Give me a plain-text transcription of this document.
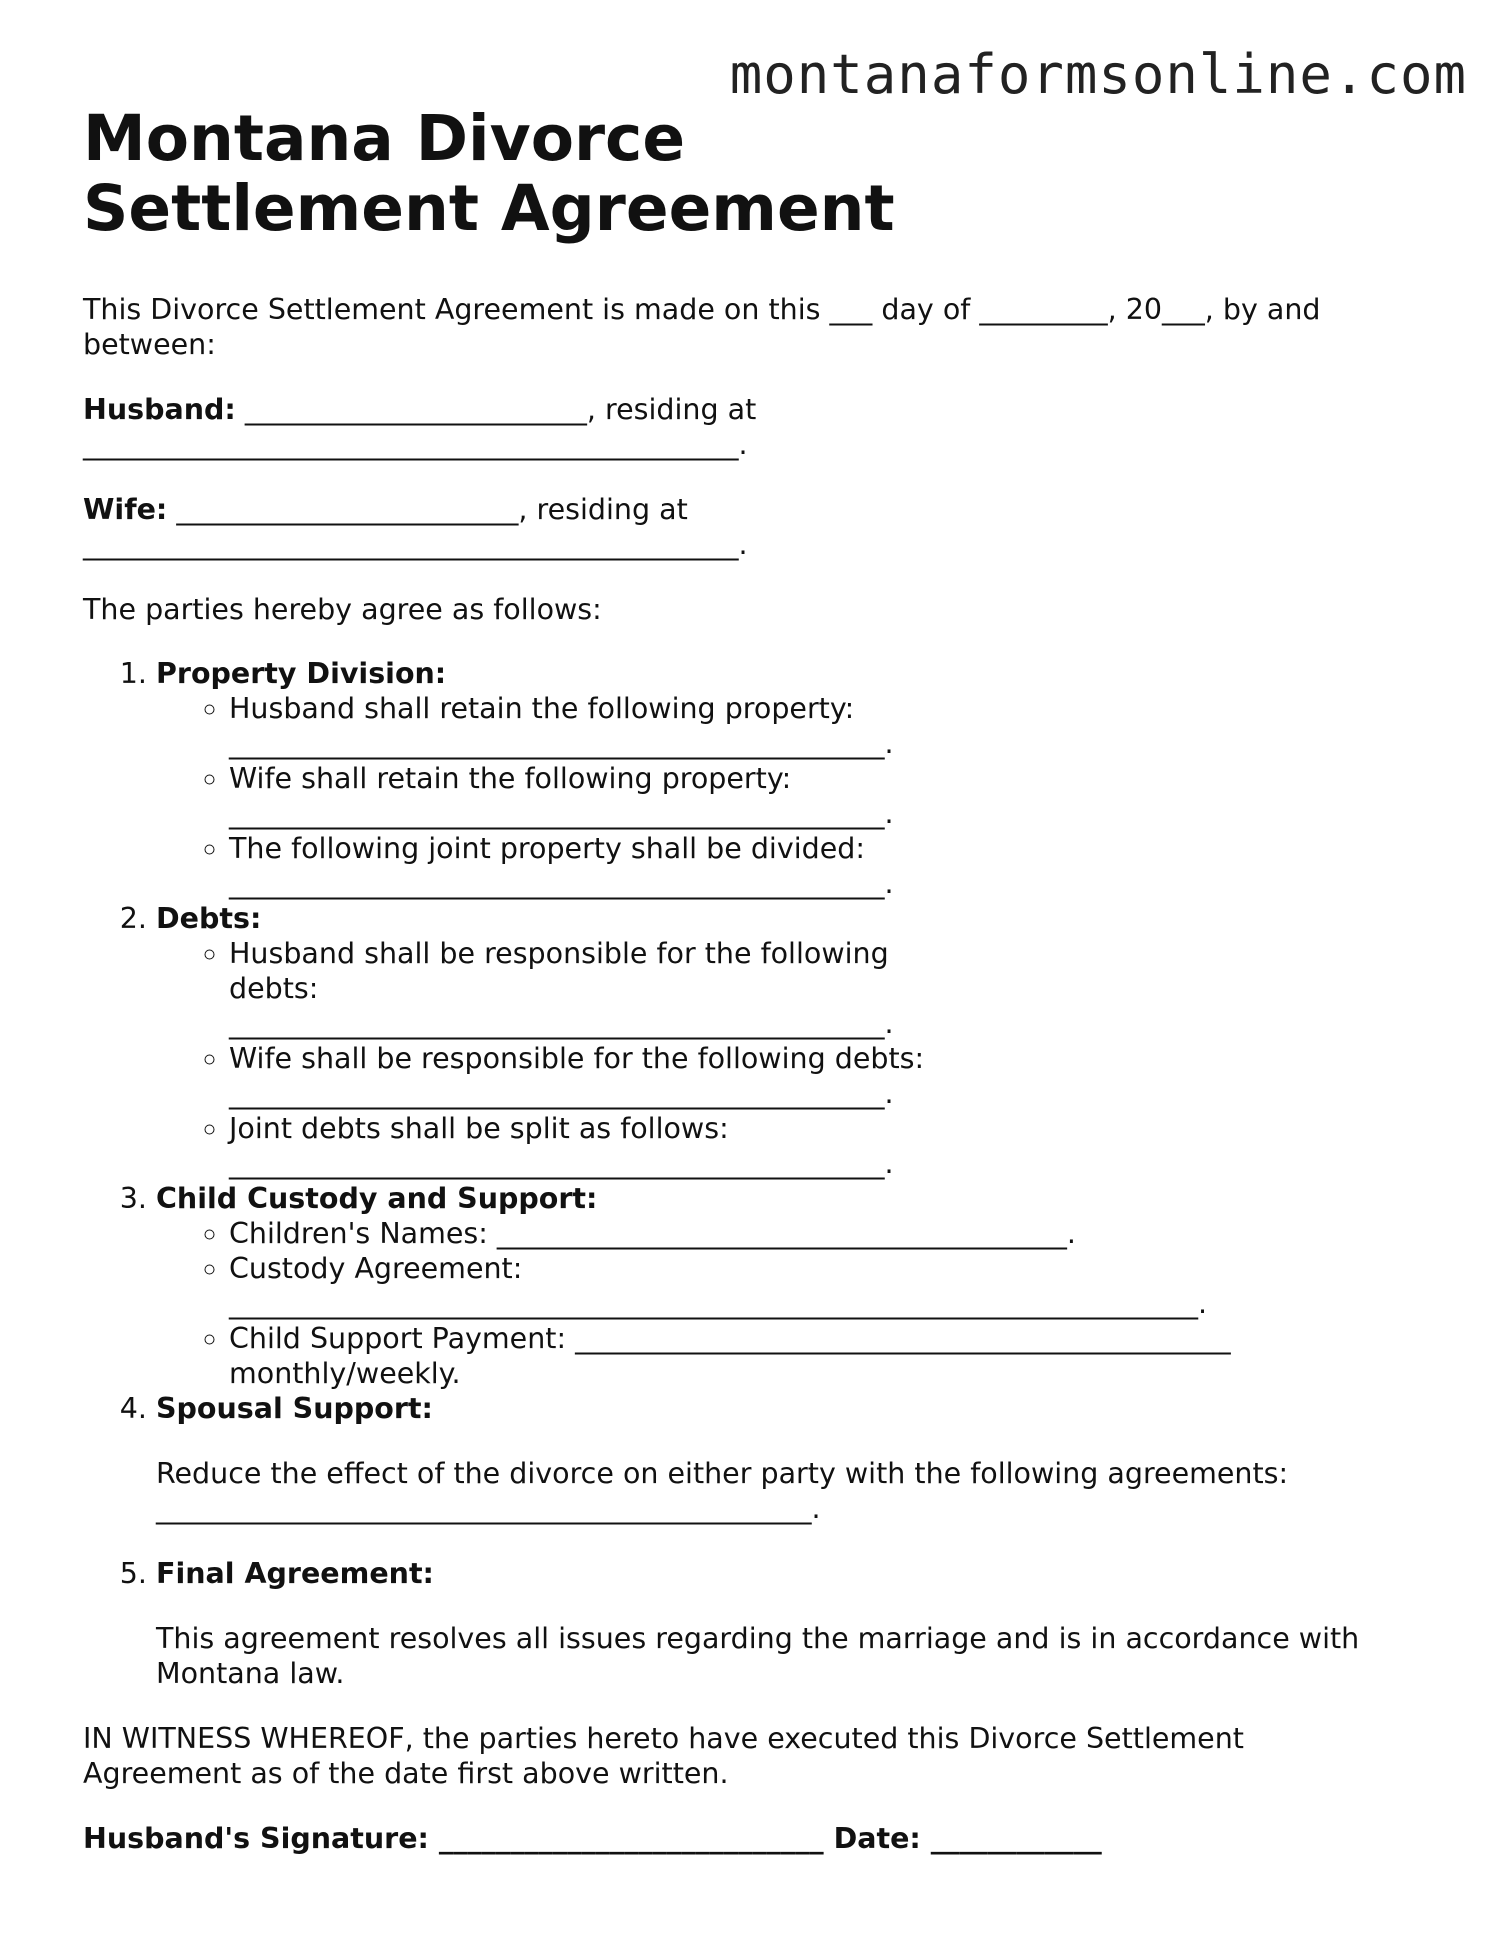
montanaformsonline.com
Montana Divorce Settlement Agreement

This Divorce Settlement Agreement is made on this ___ day of _________, 20___, by and between:

Husband: ________________________, residing at ______________________________________________.

Wife: ________________________, residing at ______________________________________________.

The parties hereby agree as follows:

1. Property Division:
◦ Husband shall retain the following property: ______________________________________________.
◦ Wife shall retain the following property: ______________________________________________.
◦ The following joint property shall be divided: ______________________________________________.
2. Debts:
◦ Husband shall be responsible for the following debts: ______________________________________________.
◦ Wife shall be responsible for the following debts: ______________________________________________.
◦ Joint debts shall be split as follows: ______________________________________________.
3. Child Custody and Support:
◦ Children's Names: ________________________________________.
◦ Custody Agreement: ____________________________________________________________________.
◦ Child Support Payment: ______________________________________________ monthly/weekly.
4. Spousal Support:

Reduce the effect of the divorce on either party with the following agreements: ______________________________________________.

5. Final Agreement:

This agreement resolves all issues regarding the marriage and is in accordance with Montana law.

IN WITNESS WHEREOF, the parties hereto have executed this Divorce Settlement Agreement as of the date first above written.

Husband's Signature: ___________________________ Date: ____________
